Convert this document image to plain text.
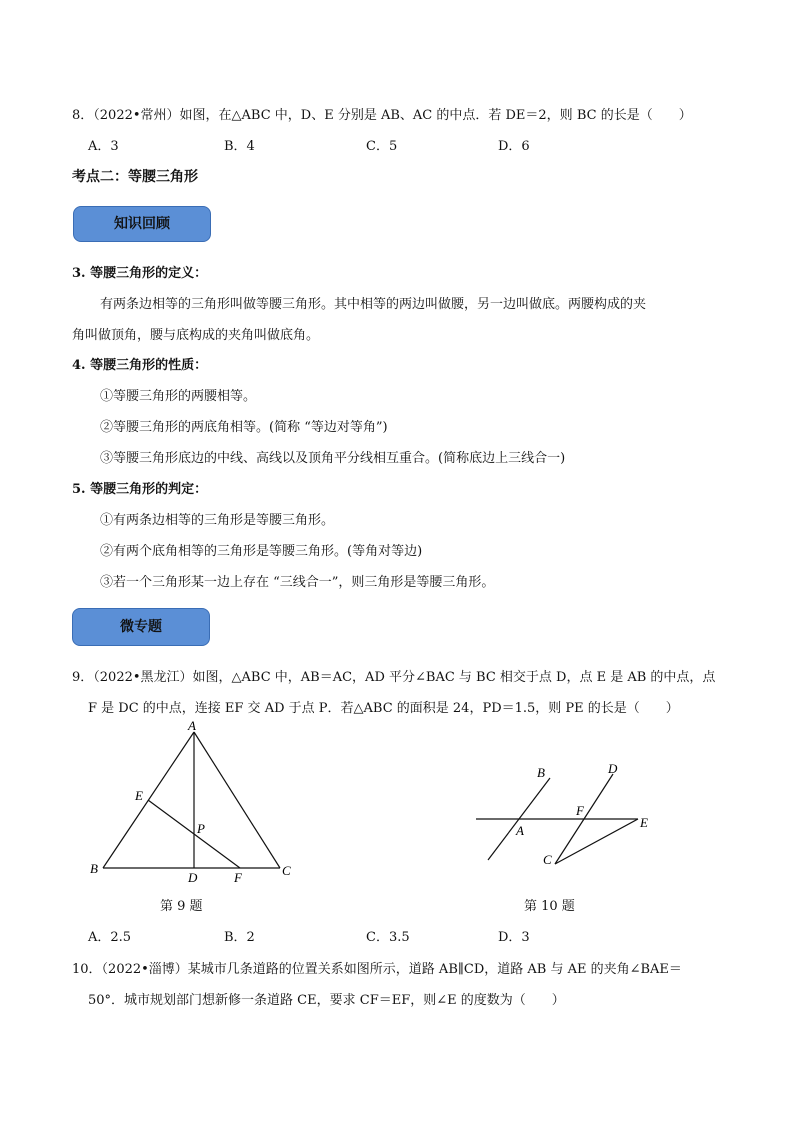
8．（2022•常州）如图，在△ABC 中，D、E 分别是 AB、AC 的中点．若 DE＝2，则 BC 的长是（　　）
A．3	B．4	C．5	D．6
考点二：等腰三角形
知识回顾
3. 等腰三角形的定义：
有两条边相等的三角形叫做等腰三角形。其中相等的两边叫做腰，另一边叫做底。两腰构成的夹
角叫做顶角，腰与底构成的夹角叫做底角。
4. 等腰三角形的性质：
①等腰三角形的两腰相等。
②等腰三角形的两底角相等。(简称 “等边对等角”)
③等腰三角形底边的中线、高线以及顶角平分线相互重合。(简称底边上三线合一)
5. 等腰三角形的判定：
①有两条边相等的三角形是等腰三角形。
②有两个底角相等的三角形是等腰三角形。(等角对等边)
③若一个三角形某一边上存在 “三线合一”，则三角形是等腰三角形。
微专题
9．（2022•黑龙江）如图，△ABC 中，AB＝AC，AD 平分∠BAC 与 BC 相交于点 D，点 E 是 AB 的中点，点
F 是 DC 的中点，连接 EF 交 AD 于点 P．若△ABC 的面积是 24，PD＝1.5，则 PE 的长是（　　）
A
E
P
B
D	F	C
第 9 题
B	D
F
A
E
C
第 10 题
A．2.5	B．2	C．3.5	D．3
10．（2022•淄博）某城市几条道路的位置关系如图所示，道路 AB∥CD，道路 AB 与 AE 的夹角∠BAE＝
50°．城市规划部门想新修一条道路 CE，要求 CF＝EF，则∠E 的度数为（　　）
